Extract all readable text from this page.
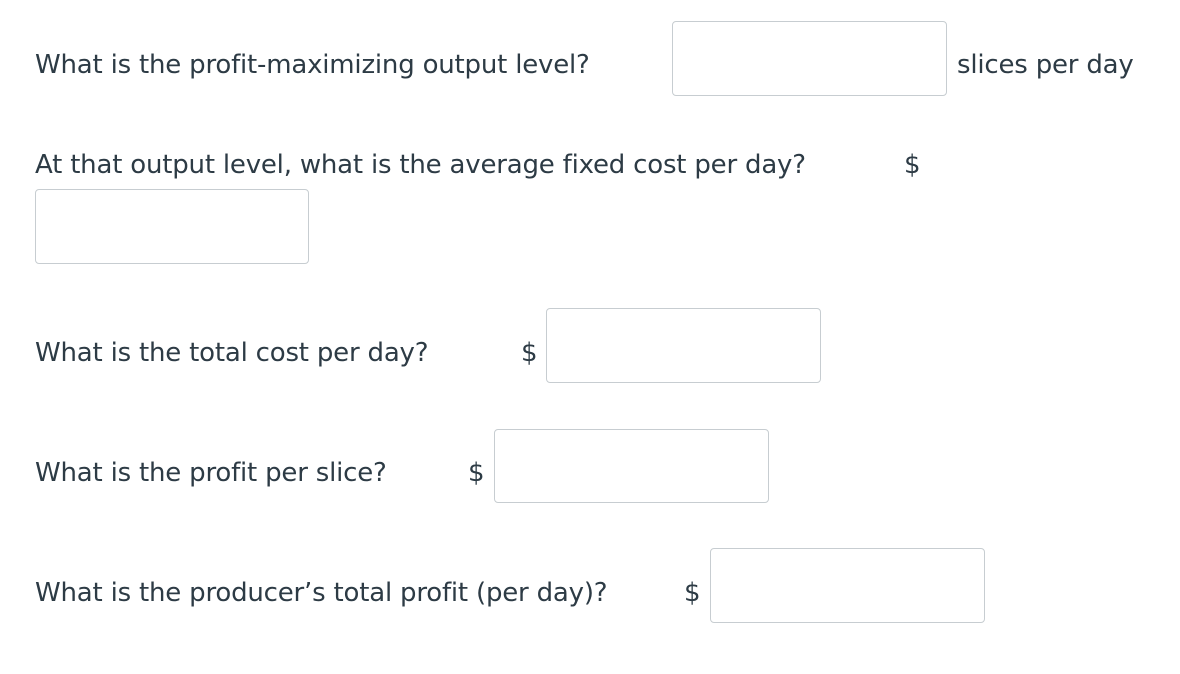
What is the profit-maximizing output level?	slices per day
At that output level, what is the average fixed cost per day?	$
What is the total cost per day?	$
What is the profit per slice?	$
What is the producer’s total profit (per day)?	$
